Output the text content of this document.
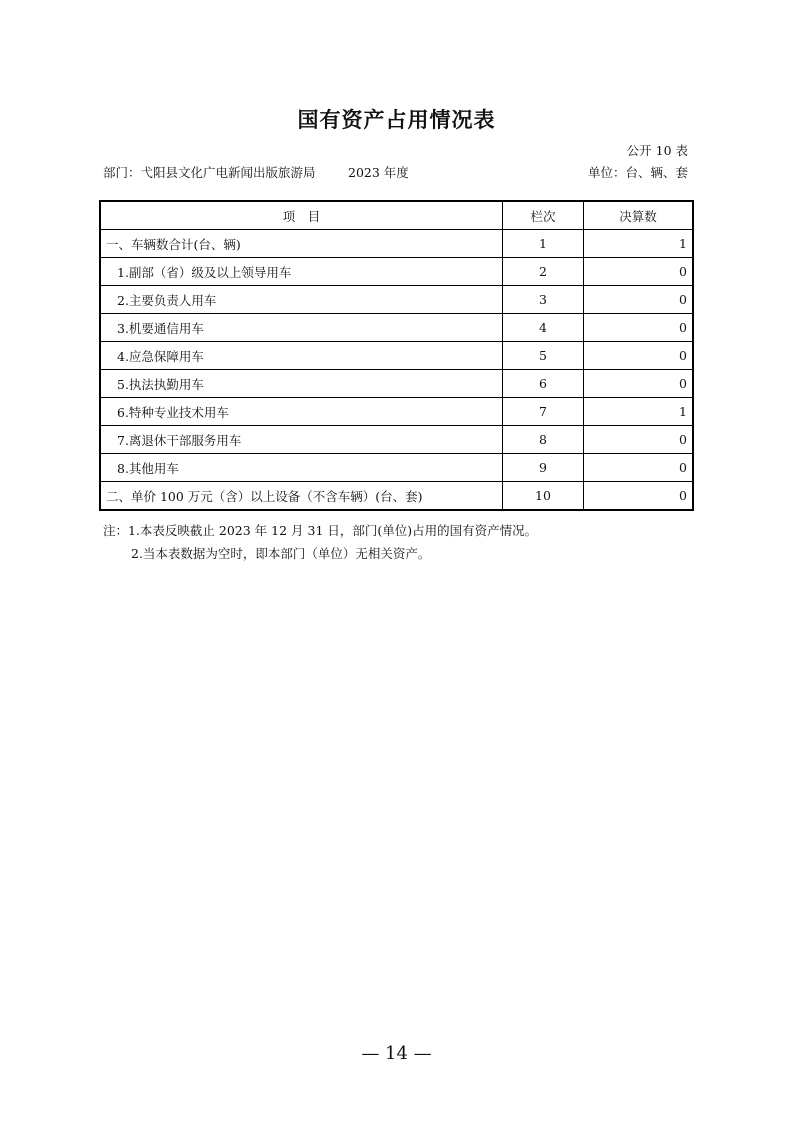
国有资产占用情况表
公开 10 表
部门：弋阳县文化广电新闻出版旅游局	2023 年度	单位：台、辆、套
项　目	栏次	决算数
一、车辆数合计(台、辆)	1	1
1.副部（省）级及以上领导用车	2	0
2.主要负责人用车	3	0
3.机要通信用车	4	0
4.应急保障用车	5	0
5.执法执勤用车	6	0
6.特种专业技术用车	7	1
7.离退休干部服务用车	8	0
8.其他用车	9	0
二、单价 100 万元（含）以上设备（不含车辆）(台、套)	10	0
注：1.本表反映截止 2023 年 12 月 31 日，部门(单位)占用的国有资产情况。
2.当本表数据为空时，即本部门（单位）无相关资产。
— 14 —
